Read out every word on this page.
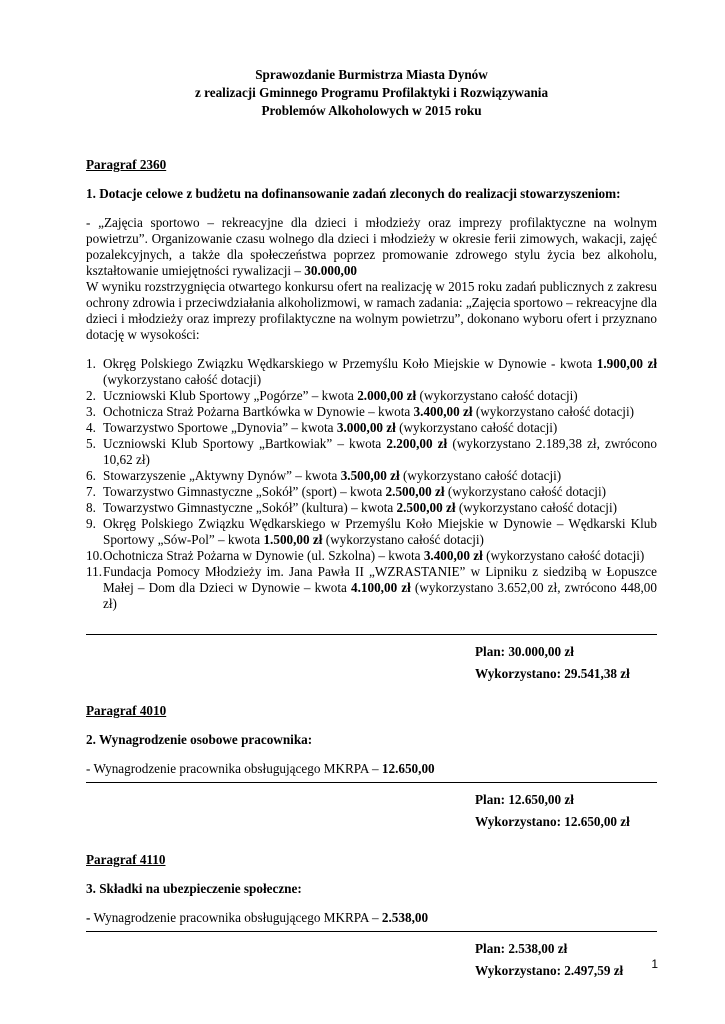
Sprawozdanie Burmistrza Miasta Dynów
z realizacji Gminnego Programu Profilaktyki i Rozwiązywania
Problemów Alkoholowych w 2015 roku

Paragraf 2360

1. Dotacje celowe z budżetu na dofinansowanie zadań zleconych do realizacji stowarzyszeniom:

- „Zajęcia sportowo – rekreacyjne dla dzieci i młodzieży oraz imprezy profilaktyczne na wolnym powietrzu”. Organizowanie czasu wolnego dla dzieci i młodzieży w okresie ferii zimowych, wakacji, zajęć pozalekcyjnych, a także dla społeczeństwa poprzez promowanie zdrowego stylu życia bez alkoholu, kształtowanie umiejętności rywalizacji – 30.000,00

W wyniku rozstrzygnięcia otwartego konkursu ofert na realizację w 2015 roku zadań publicznych z zakresu ochrony zdrowia i przeciwdziałania alkoholizmowi, w ramach zadania: „Zajęcia sportowo – rekreacyjne dla dzieci i młodzieży oraz imprezy profilaktyczne na wolnym powietrzu”, dokonano wyboru ofert i przyznano dotację w wysokości:

1. Okręg Polskiego Związku Wędkarskiego w Przemyślu Koło Miejskie w Dynowie - kwota 1.900,00 zł (wykorzystano całość dotacji)
2. Uczniowski Klub Sportowy „Pogórze” – kwota 2.000,00 zł (wykorzystano całość dotacji)
3. Ochotnicza Straż Pożarna Bartkówka w Dynowie – kwota 3.400,00 zł (wykorzystano całość dotacji)
4. Towarzystwo Sportowe „Dynovia” – kwota 3.000,00 zł (wykorzystano całość dotacji)
5. Uczniowski Klub Sportowy „Bartkowiak” – kwota 2.200,00 zł (wykorzystano 2.189,38 zł, zwrócono 10,62 zł)
6. Stowarzyszenie „Aktywny Dynów” – kwota 3.500,00 zł (wykorzystano całość dotacji)
7. Towarzystwo Gimnastyczne „Sokół” (sport) – kwota 2.500,00 zł (wykorzystano całość dotacji)
8. Towarzystwo Gimnastyczne „Sokół” (kultura) – kwota 2.500,00 zł (wykorzystano całość dotacji)
9. Okręg Polskiego Związku Wędkarskiego w Przemyślu Koło Miejskie w Dynowie – Wędkarski Klub Sportowy „Sów-Pol” – kwota 1.500,00 zł (wykorzystano całość dotacji)
10. Ochotnicza Straż Pożarna w Dynowie (ul. Szkolna) – kwota 3.400,00 zł (wykorzystano całość dotacji)
11. Fundacja Pomocy Młodzieży im. Jana Pawła II „WZRASTANIE” w Lipniku z siedzibą w Łopuszce Małej – Dom dla Dzieci w Dynowie – kwota 4.100,00 zł (wykorzystano 3.652,00 zł, zwrócono 448,00 zł)
Plan: 30.000,00 zł
Wykorzystano: 29.541,38 zł

Paragraf 4010

2. Wynagrodzenie osobowe pracownika:

- Wynagrodzenie pracownika obsługującego MKRPA – 12.650,00

Plan: 12.650,00 zł
Wykorzystano: 12.650,00 zł

Paragraf 4110

3. Składki na ubezpieczenie społeczne:

- Wynagrodzenie pracownika obsługującego MKRPA – 2.538,00

Plan: 2.538,00 zł
Wykorzystano: 2.497,59 zł	1
